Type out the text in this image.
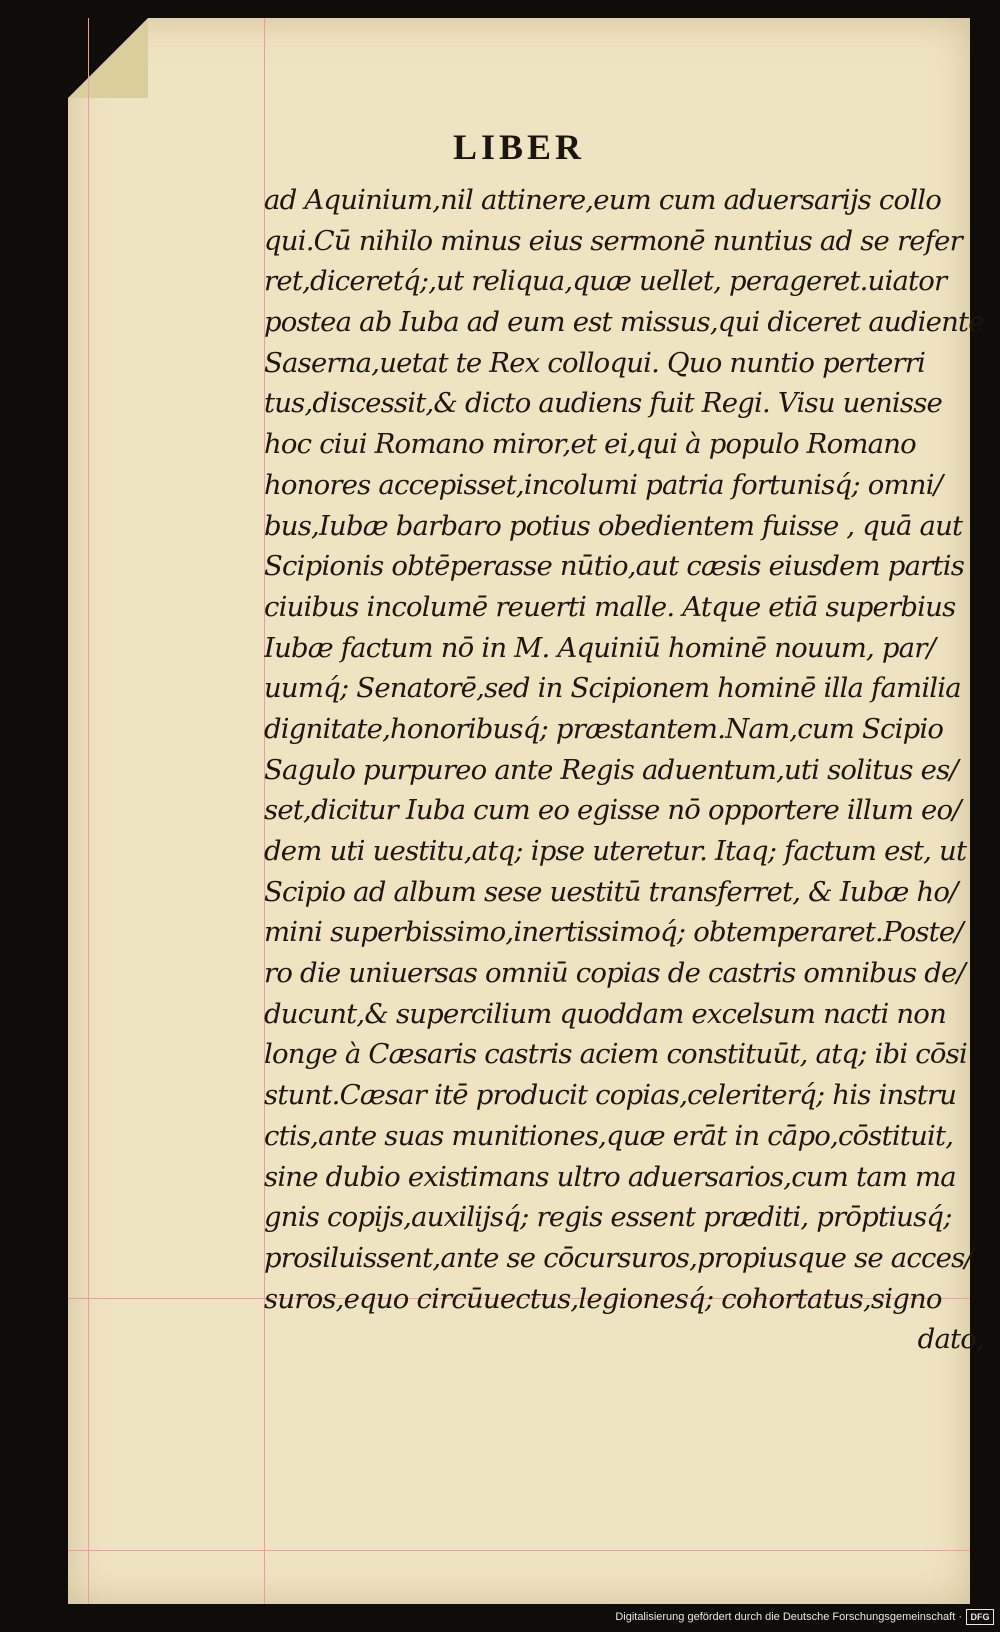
LIBER
ad Aquinium,nil attinere,eum cum aduersarijs collo
qui.Cū nihilo minus eius sermonē nuntius ad se refer
ret,diceretq́;,ut reliqua,quæ uellet, perageret.uiator
postea ab Iuba ad eum est missus,qui diceret audiente
Saserna,uetat te Rex colloqui. Quo nuntio perterri
tus,discessit,& dicto audiens fuit Regi. Visu uenisse
hoc ciui Romano miror,et ei,qui à populo Romano
honores accepisset,incolumi patria fortunisq́; omni/
bus,Iubæ barbaro potius obedientem fuisse , quā aut
Scipionis obtēperasse nūtio,aut cæsis eiusdem partis
ciuibus incolumē reuerti malle. Atque etiā superbius
Iubæ factum nō in M. Aquiniū hominē nouum, par/
uumq́; Senatorē,sed in Scipionem hominē illa familia
dignitate,honoribusq́; præstantem.Nam,cum Scipio
Sagulo purpureo ante Regis aduentum,uti solitus es/
set,dicitur Iuba cum eo egisse nō opportere illum eo/
dem uti uestitu,atq; ipse uteretur. Itaq; factum est, ut
Scipio ad album sese uestitū transferret, & Iubæ ho/
mini superbissimo,inertissimoq́; obtemperaret.Poste/
ro die uniuersas omniū copias de castris omnibus de/
ducunt,& supercilium quoddam excelsum nacti non
longe à Cæsaris castris aciem constituūt, atq; ibi cōsi
stunt.Cæsar itē producit copias,celeriterq́; his instru
ctis,ante suas munitiones,quæ erāt in cāpo,cōstituit,
sine dubio existimans ultro aduersarios,cum tam ma
gnis copijs,auxilijsq́; regis essent præditi, prōptiusq́;
prosiluissent,ante se cōcursuros,propiusque se acces/
suros,equo circūuectus,legionesq́; cohortatus,signo
dato,
Digitalisierung gefördert durch die Deutsche Forschungsgemeinschaft · DFG
